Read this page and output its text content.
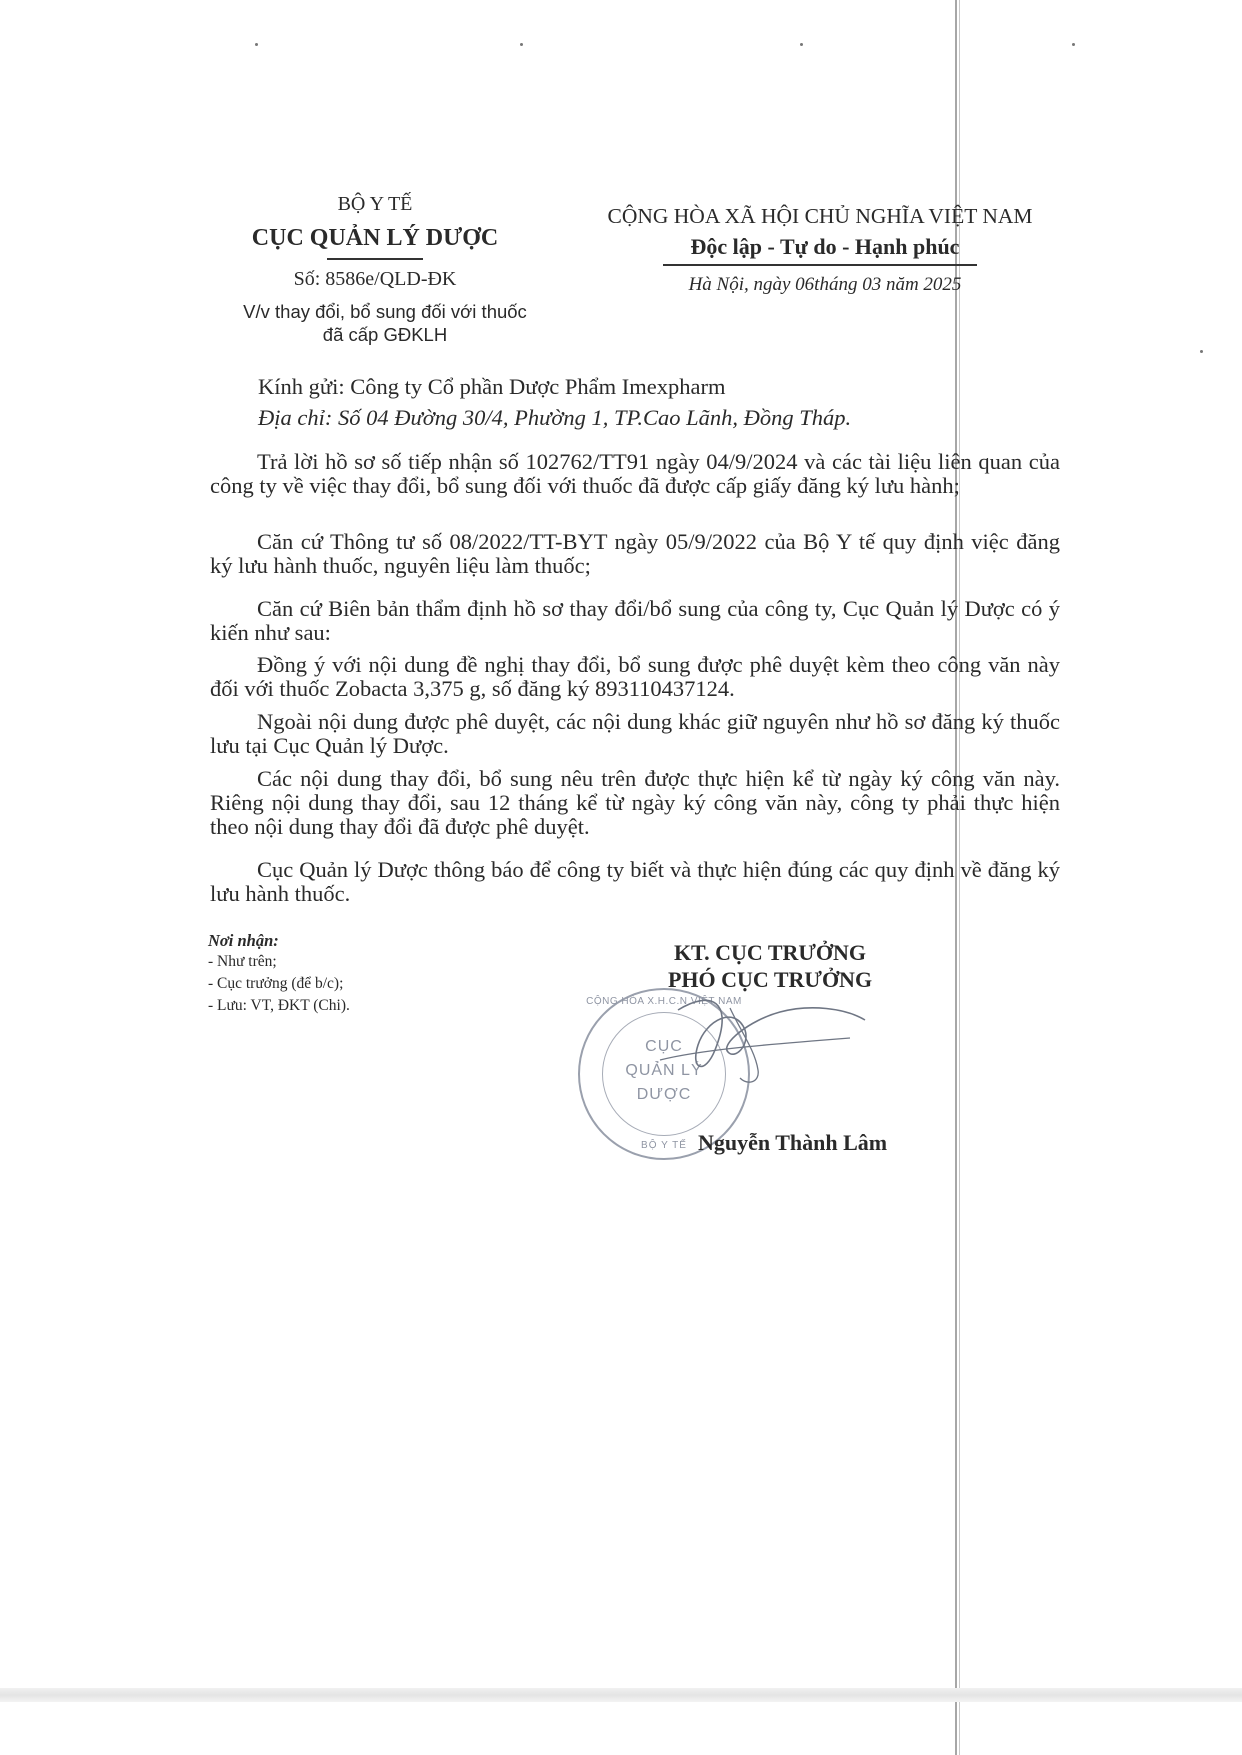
BỘ Y TẾ
CỤC QUẢN LÝ DƯỢC
Số: 8586e/QLD-ĐK
V/v thay đổi, bổ sung đối với thuốc
đã cấp GĐKLH
CỘNG HÒA XÃ HỘI CHỦ NGHĨA VIỆT NAM
Độc lập - Tự do - Hạnh phúc
Hà Nội, ngày 06tháng 03 năm 2025
Kính gửi: Công ty Cổ phần Dược Phẩm Imexpharm
Địa chỉ: Số 04 Đường 30/4, Phường 1, TP.Cao Lãnh, Đồng Tháp.
Trả lời hồ sơ số tiếp nhận số 102762/TT91 ngày 04/9/2024 và các tài liệu liên quan của công ty về việc thay đổi, bổ sung đối với thuốc đã được cấp giấy đăng ký lưu hành;
Căn cứ Thông tư số 08/2022/TT-BYT ngày 05/9/2022 của Bộ Y tế quy định việc đăng ký lưu hành thuốc, nguyên liệu làm thuốc;
Căn cứ Biên bản thẩm định hồ sơ thay đổi/bổ sung của công ty, Cục Quản lý Dược có ý kiến như sau:
Đồng ý với nội dung đề nghị thay đổi, bổ sung được phê duyệt kèm theo công văn này đối với thuốc Zobacta 3,375 g, số đăng ký 893110437124.
Ngoài nội dung được phê duyệt, các nội dung khác giữ nguyên như hồ sơ đăng ký thuốc lưu tại Cục Quản lý Dược.
Các nội dung thay đổi, bổ sung nêu trên được thực hiện kể từ ngày ký công văn này. Riêng nội dung thay đổi, sau 12 tháng kể từ ngày ký công văn này, công ty phải thực hiện theo nội dung thay đổi đã được phê duyệt.
Cục Quản lý Dược thông báo để công ty biết và thực hiện đúng các quy định về đăng ký lưu hành thuốc.
Nơi nhận:
- Như trên;
- Cục trưởng (để b/c);
- Lưu: VT, ĐKT (Chi).
KT. CỤC TRƯỞNG
PHÓ CỤC TRƯỞNG
CỘNG HÒA X.H.C.N VIỆT NAM
CỤC
QUẢN LÝ
DƯỢC
BỘ Y TẾ Nguyễn Thành Lâm
